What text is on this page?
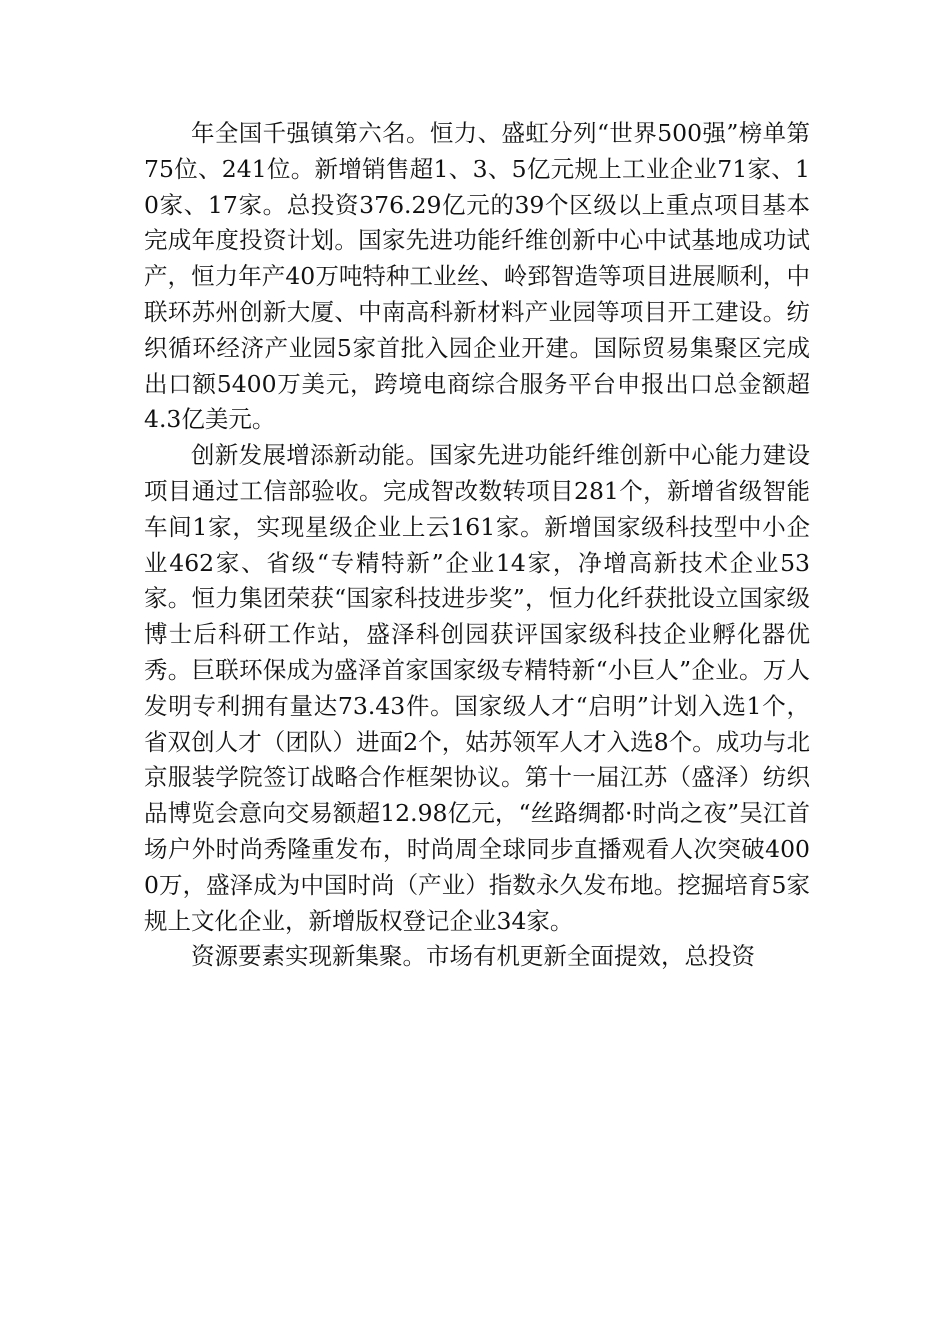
年全国千强镇第六名。恒力、盛虹分列“世界500强”榜单第75位、241位。新增销售超1、3、5亿元规上工业企业71家、10家、17家。总投资376.29亿元的39个区级以上重点项目基本完成年度投资计划。国家先进功能纤维创新中心中试基地成功试产，恒力年产40万吨特种工业丝、岭郅智造等项目进展顺利，中联环苏州创新大厦、中南高科新材料产业园等项目开工建设。纺织循环经济产业园5家首批入园企业开建。国际贸易集聚区完成出口额5400万美元，跨境电商综合服务平台申报出口总金额超4.3亿美元。

创新发展增添新动能。国家先进功能纤维创新中心能力建设项目通过工信部验收。完成智改数转项目281个，新增省级智能车间1家，实现星级企业上云161家。新增国家级科技型中小企业462家、省级“专精特新”企业14家，净增高新技术企业53家。恒力集团荣获“国家科技进步奖”，恒力化纤获批设立国家级博士后科研工作站，盛泽科创园获评国家级科技企业孵化器优秀。巨联环保成为盛泽首家国家级专精特新“小巨人”企业。万人发明专利拥有量达73.43件。国家级人才“启明”计划入选1个，省双创人才（团队）进面2个，姑苏领军人才入选8个。成功与北京服装学院签订战略合作框架协议。第十一届江苏（盛泽）纺织品博览会意向交易额超12.98亿元，“丝路绸都·时尚之夜”吴江首场户外时尚秀隆重发布，时尚周全球同步直播观看人次突破4000万，盛泽成为中国时尚（产业）指数永久发布地。挖掘培育5家规上文化企业，新增版权登记企业34家。

资源要素实现新集聚。市场有机更新全面提效，总投资
